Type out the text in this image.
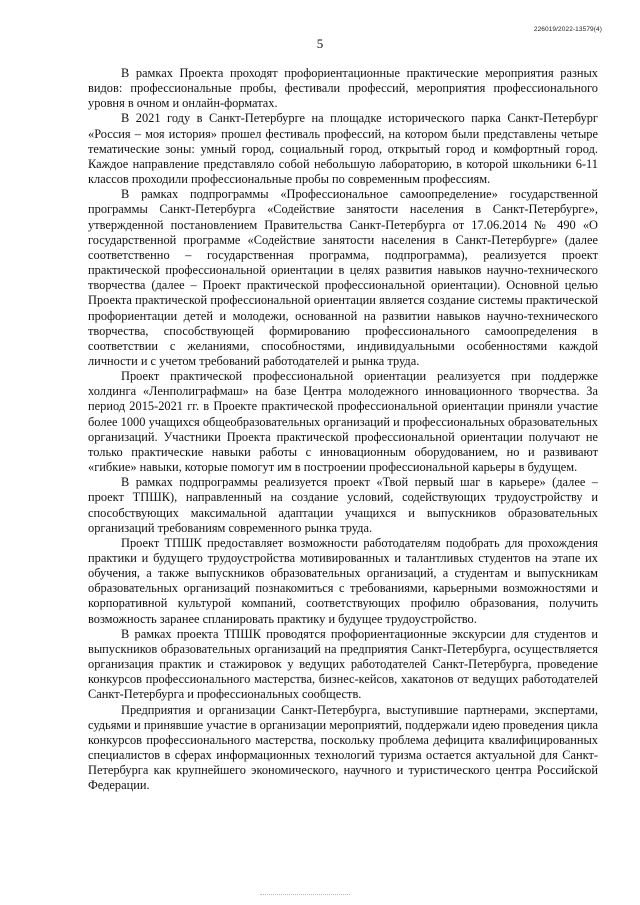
226019/2022-13579(4)
5

В рамках Проекта проходят профориентационные практические мероприятия разных видов: профессиональные пробы, фестивали профессий, мероприятия профессионального уровня в очном и онлайн-форматах.

В 2021 году в Санкт-Петербурге на площадке исторического парка Санкт-Петербург «Россия – моя история» прошел фестиваль профессий, на котором были представлены четыре тематические зоны: умный город, социальный город, открытый город и комфортный город. Каждое направление представляло собой небольшую лабораторию, в которой школьники 6-11 классов проходили профессиональные пробы по современным профессиям.

В рамках подпрограммы «Профессиональное самоопределение» государственной программы Санкт-Петербурга «Содействие занятости населения в Санкт-Петербурге», утвержденной постановлением Правительства Санкт-Петербурга от 17.06.2014 № 490 «О государственной программе «Содействие занятости населения в Санкт-Петербурге» (далее соответственно – государственная программа, подпрограмма), реализуется проект практической профессиональной ориентации в целях развития навыков научно-технического творчества (далее – Проект практической профессиональной ориентации). Основной целью Проекта практической профессиональной ориентации является создание системы практической профориентации детей и молодежи, основанной на развитии навыков научно-технического творчества, способствующей формированию профессионального самоопределения в соответствии с желаниями, способностями, индивидуальными особенностями каждой личности и с учетом требований работодателей и рынка труда.

Проект практической профессиональной ориентации реализуется при поддержке холдинга «Ленполиграфмаш» на базе Центра молодежного инновационного творчества. За период 2015-2021 гг. в Проекте практической профессиональной ориентации приняли участие более 1000 учащихся общеобразовательных организаций и профессиональных образовательных организаций. Участники Проекта практической профессиональной ориентации получают не только практические навыки работы с инновационным оборудованием, но и развивают «гибкие» навыки, которые помогут им в построении профессиональной карьеры в будущем.

В рамках подпрограммы реализуется проект «Твой первый шаг в карьере» (далее – проект ТПШК), направленный на создание условий, содействующих трудоустройству и способствующих максимальной адаптации учащихся и выпускников образовательных организаций требованиям современного рынка труда.

Проект ТПШК предоставляет возможности работодателям подобрать для прохождения практики и будущего трудоустройства мотивированных и талантливых студентов на этапе их обучения, а также выпускников образовательных организаций, а студентам и выпускникам образовательных организаций познакомиться с требованиями, карьерными возможностями и корпоративной культурой компаний, соответствующих профилю образования, получить возможность заранее спланировать практику и будущее трудоустройство.

В рамках проекта ТПШК проводятся профориентационные экскурсии для студентов и выпускников образовательных организаций на предприятия Санкт-Петербурга, осуществляется организация практик и стажировок у ведущих работодателей Санкт-Петербурга, проведение конкурсов профессионального мастерства, бизнес-кейсов, хакатонов от ведущих работодателей Санкт-Петербурга и профессиональных сообществ.

Предприятия и организации Санкт-Петербурга, выступившие партнерами, экспертами, судьями и принявшие участие в организации мероприятий, поддержали идею проведения цикла конкурсов профессионального мастерства, поскольку проблема дефицита квалифицированных специалистов в сферах информационных технологий туризма остается актуальной для Санкт-Петербурга как крупнейшего экономического, научного и туристического центра Российской Федерации.
